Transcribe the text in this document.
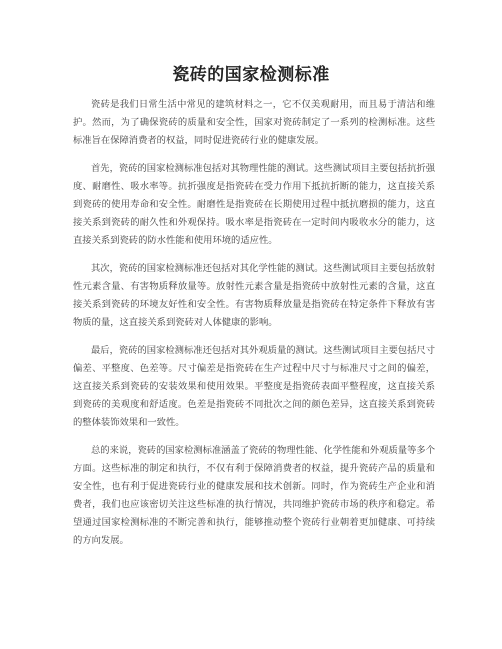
瓷砖的国家检测标准

瓷砖是我们日常生活中常见的建筑材料之一，它不仅美观耐用，而且易于清洁和维护。然而，为了确保瓷砖的质量和安全性，国家对瓷砖制定了一系列的检测标准。这些标准旨在保障消费者的权益，同时促进瓷砖行业的健康发展。

首先，瓷砖的国家检测标准包括对其物理性能的测试。这些测试项目主要包括抗折强度、耐磨性、吸水率等。抗折强度是指瓷砖在受力作用下抵抗折断的能力，这直接关系到瓷砖的使用寿命和安全性。耐磨性是指瓷砖在长期使用过程中抵抗磨损的能力，这直接关系到瓷砖的耐久性和外观保持。吸水率是指瓷砖在一定时间内吸收水分的能力，这直接关系到瓷砖的防水性能和使用环境的适应性。

其次，瓷砖的国家检测标准还包括对其化学性能的测试。这些测试项目主要包括放射性元素含量、有害物质释放量等。放射性元素含量是指瓷砖中放射性元素的含量，这直接关系到瓷砖的环境友好性和安全性。有害物质释放量是指瓷砖在特定条件下释放有害物质的量，这直接关系到瓷砖对人体健康的影响。

最后，瓷砖的国家检测标准还包括对其外观质量的测试。这些测试项目主要包括尺寸偏差、平整度、色差等。尺寸偏差是指瓷砖在生产过程中尺寸与标准尺寸之间的偏差，这直接关系到瓷砖的安装效果和使用效果。平整度是指瓷砖表面平整程度，这直接关系到瓷砖的美观度和舒适度。色差是指瓷砖不同批次之间的颜色差异，这直接关系到瓷砖的整体装饰效果和一致性。

总的来说，瓷砖的国家检测标准涵盖了瓷砖的物理性能、化学性能和外观质量等多个方面。这些标准的制定和执行，不仅有利于保障消费者的权益，提升瓷砖产品的质量和安全性，也有利于促进瓷砖行业的健康发展和技术创新。同时，作为瓷砖生产企业和消费者，我们也应该密切关注这些标准的执行情况，共同维护瓷砖市场的秩序和稳定。希望通过国家检测标准的不断完善和执行，能够推动整个瓷砖行业朝着更加健康、可持续的方向发展。
